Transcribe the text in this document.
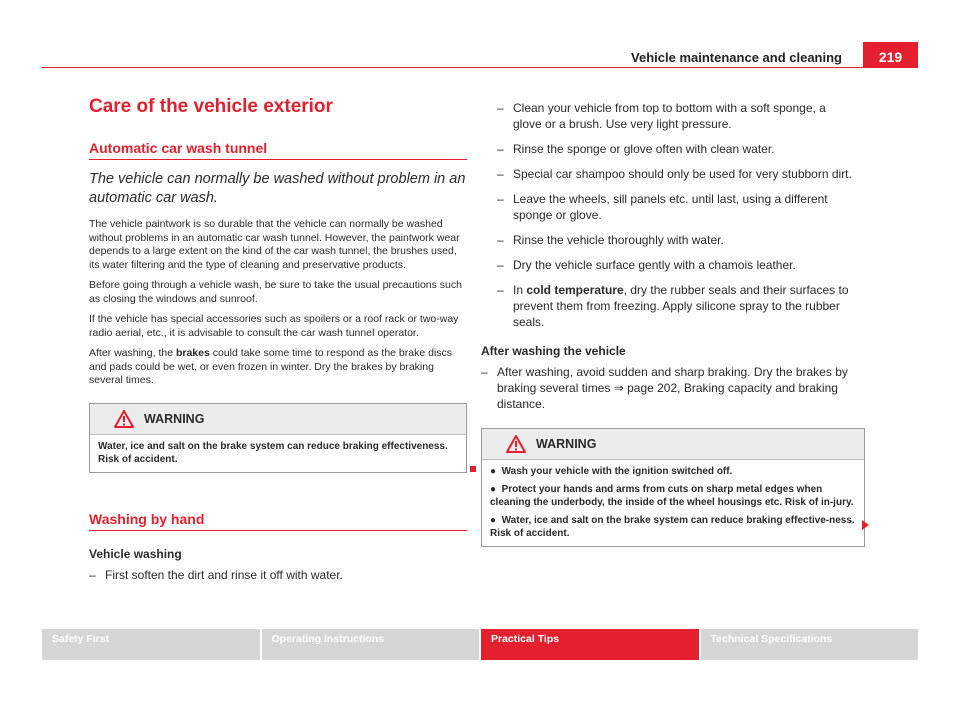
Vehicle maintenance and cleaning	219
Care of the vehicle exterior
Automatic car wash tunnel

The vehicle can normally be washed without problem in an automatic car wash.

The vehicle paintwork is so durable that the vehicle can normally be washed without problems in an automatic car wash tunnel. However, the paintwork wear depends to a large extent on the kind of the car wash tunnel, the brushes used, its water filtering and the type of cleaning and preservative products.

Before going through a vehicle wash, be sure to take the usual precautions such as closing the windows and sunroof.

If the vehicle has special accessories such as spoilers or a roof rack or two-way radio aerial, etc., it is advisable to consult the car wash tunnel operator.

After washing, the brakes could take some time to respond as the brake discs and pads could be wet, or even frozen in winter. Dry the brakes by braking several times.

WARNING

Water, ice and salt on the brake system can reduce braking effectiveness. Risk of accident.

Washing by hand
Vehicle washing
– First soften the dirt and rinse it off with water.
– Clean your vehicle from top to bottom with a soft sponge, a glove or a brush. Use very light pressure.
– Rinse the sponge or glove often with clean water.
– Special car shampoo should only be used for very stubborn dirt.
– Leave the wheels, sill panels etc. until last, using a different sponge or glove.
– Rinse the vehicle thoroughly with water.
– Dry the vehicle surface gently with a chamois leather.
– In cold temperature, dry the rubber seals and their surfaces to prevent them from freezing. Apply silicone spray to the rubber seals.
After washing the vehicle
– After washing, avoid sudden and sharp braking. Dry the brakes by braking several times ⇒ page 202, Braking capacity and braking distance.
WARNING

● Wash your vehicle with the ignition switched off.

● Protect your hands and arms from cuts on sharp metal edges when cleaning the underbody, the inside of the wheel housings etc. Risk of in-jury.

● Water, ice and salt on the brake system can reduce braking effective-ness. Risk of accident.

Safety First	Operating instructions	Practical Tips	Technical Specifications
